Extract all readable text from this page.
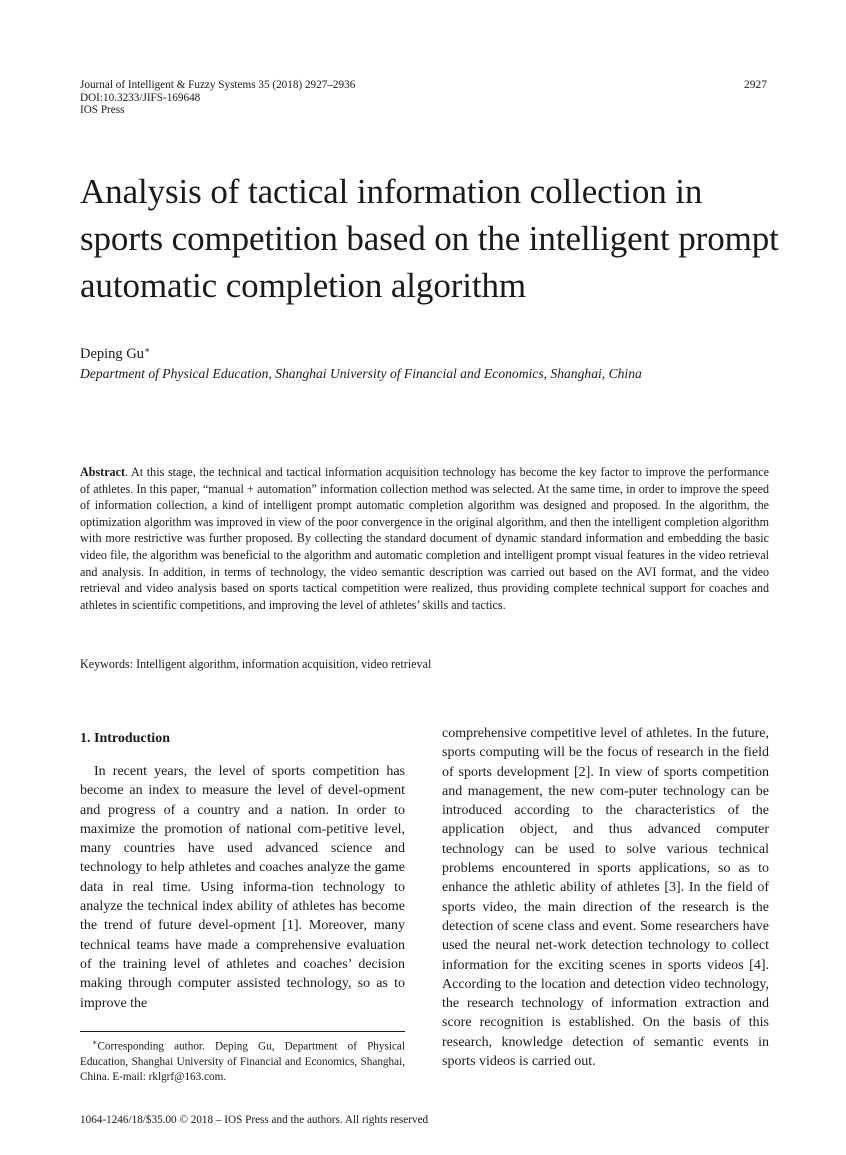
Journal of Intelligent & Fuzzy Systems 35 (2018) 2927–2936
DOI:10.3233/JIFS-169648
IOS Press
2927
Analysis of tactical information collection in sports competition based on the intelligent prompt automatic completion algorithm
Deping Gu∗
Department of Physical Education, Shanghai University of Financial and Economics, Shanghai, China
Abstract. At this stage, the technical and tactical information acquisition technology has become the key factor to improve the performance of athletes. In this paper, “manual + automation” information collection method was selected. At the same time, in order to improve the speed of information collection, a kind of intelligent prompt automatic completion algorithm was designed and proposed. In the algorithm, the optimization algorithm was improved in view of the poor convergence in the original algorithm, and then the intelligent completion algorithm with more restrictive was further proposed. By collecting the standard document of dynamic standard information and embedding the basic video file, the algorithm was beneficial to the algorithm and automatic completion and intelligent prompt visual features in the video retrieval and analysis. In addition, in terms of technology, the video semantic description was carried out based on the AVI format, and the video retrieval and video analysis based on sports tactical competition were realized, thus providing complete technical support for coaches and athletes in scientific competitions, and improving the level of athletes’ skills and tactics.
Keywords: Intelligent algorithm, information acquisition, video retrieval
1. Introduction

In recent years, the level of sports competition has become an index to measure the level of devel-opment and progress of a country and a nation. In order to maximize the promotion of national com-petitive level, many countries have used advanced science and technology to help athletes and coaches analyze the game data in real time. Using informa-tion technology to analyze the technical index ability of athletes has become the trend of future devel-opment [1]. Moreover, many technical teams have made a comprehensive evaluation of the training level of athletes and coaches’ decision making through computer assisted technology, so as to improve the

comprehensive competitive level of athletes. In the future, sports computing will be the focus of research in the field of sports development [2]. In view of sports competition and management, the new com-puter technology can be introduced according to the characteristics of the application object, and thus advanced computer technology can be used to solve various technical problems encountered in sports applications, so as to enhance the athletic ability of athletes [3]. In the field of sports video, the main direction of the research is the detection of scene class and event. Some researchers have used the neural net-work detection technology to collect information for the exciting scenes in sports videos [4]. According to the location and detection video technology, the research technology of information extraction and score recognition is established. On the basis of this research, knowledge detection of semantic events in sports videos is carried out.

∗Corresponding author. Deping Gu, Department of Physical Education, Shanghai University of Financial and Economics, Shanghai, China. E-mail: rklgrf@163.com.
1064-1246/18/$35.00 © 2018 – IOS Press and the authors. All rights reserved
